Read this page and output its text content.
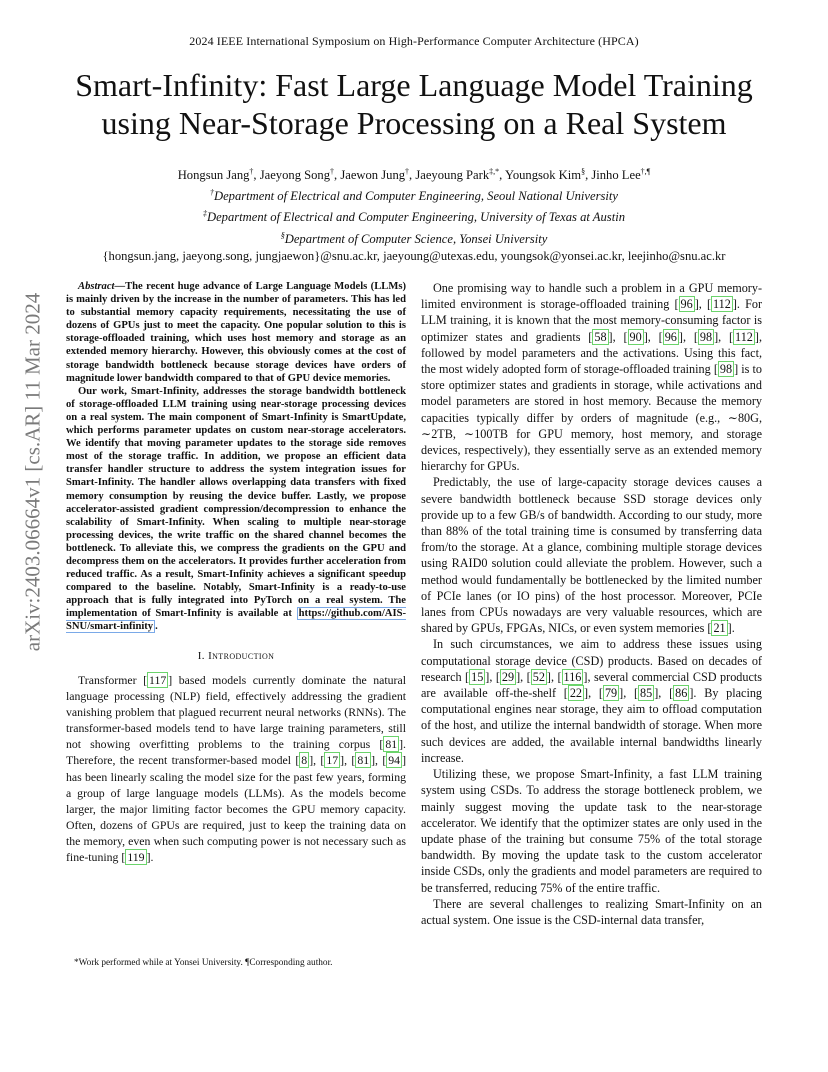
2024 IEEE International Symposium on High-Performance Computer Architecture (HPCA)
Smart-Infinity: Fast Large Language Model Training
using Near-Storage Processing on a Real System
Hongsun Jang†, Jaeyong Song†, Jaewon Jung†, Jaeyoung Park‡,*, Youngsok Kim§, Jinho Lee†,¶
†Department of Electrical and Computer Engineering, Seoul National University
‡Department of Electrical and Computer Engineering, University of Texas at Austin
§Department of Computer Science, Yonsei University
{hongsun.jang, jaeyong.song, jungjaewon}@snu.ac.kr, jaeyoung@utexas.edu, youngsok@yonsei.ac.kr, leejinho@snu.ac.kr
arXiv:2403.06664v1 [cs.AR] 11 Mar 2024

Abstract—The recent huge advance of Large Language Models (LLMs) is mainly driven by the increase in the number of parameters. This has led to substantial memory capacity requirements, necessitating the use of dozens of GPUs just to meet the capacity. One popular solution to this is storage-offloaded training, which uses host memory and storage as an extended memory hierarchy. However, this obviously comes at the cost of storage bandwidth bottleneck because storage devices have orders of magnitude lower bandwidth compared to that of GPU device memories.

Our work, Smart-Infinity, addresses the storage bandwidth bottleneck of storage-offloaded LLM training using near-storage processing devices on a real system. The main component of Smart-Infinity is SmartUpdate, which performs parameter updates on custom near-storage accelerators. We identify that moving parameter updates to the storage side removes most of the storage traffic. In addition, we propose an efficient data transfer handler structure to address the system integration issues for Smart-Infinity. The handler allows overlapping data transfers with fixed memory consumption by reusing the device buffer. Lastly, we propose accelerator-assisted gradient compression/decompression to enhance the scalability of Smart-Infinity. When scaling to multiple near-storage processing devices, the write traffic on the shared channel becomes the bottleneck. To alleviate this, we compress the gradients on the GPU and decompress them on the accelerators. It provides further acceleration from reduced traffic. As a result, Smart-Infinity achieves a significant speedup compared to the baseline. Notably, Smart-Infinity is a ready-to-use approach that is fully integrated into PyTorch on a real system. The implementation of Smart-Infinity is available at https://github.com/AIS-SNU/smart-infinity .

I. Introduction

Transformer [ 117 ] based models currently dominate the natural language processing (NLP) field, effectively addressing the gradient vanishing problem that plagued recurrent neural networks (RNNs). The transformer-based models tend to have large training parameters, still not showing overfitting problems to the training corpus [ 81 ]. Therefore, the recent transformer-based model [ 8 ], [ 17 ], [ 81 ], [ 94 ] has been linearly scaling the model size for the past few years, forming a group of large language models (LLMs). As the models become larger, the major limiting factor becomes the GPU memory capacity. Often, dozens of GPUs are required, just to keep the training data on the memory, even when such computing power is not necessary such as fine-tuning [ 119 ].

*Work performed while at Yonsei University. ¶Corresponding author.

One promising way to handle such a problem in a GPU memory-limited environment is storage-offloaded training [ 96 ], [ 112 ]. For LLM training, it is known that the most memory-consuming factor is optimizer states and gradients [ 58 ], [ 90 ], [ 96 ], [ 98 ], [ 112 ], followed by model parameters and the activations. Using this fact, the most widely adopted form of storage-offloaded training [ 98 ] is to store optimizer states and gradients in storage, while activations and model parameters are stored in host memory. Because the memory capacities typically differ by orders of magnitude (e.g., ∼80G, ∼2TB, ∼100TB for GPU memory, host memory, and storage devices, respectively), they essentially serve as an extended memory hierarchy for GPUs.

Predictably, the use of large-capacity storage devices causes a severe bandwidth bottleneck because SSD storage devices only provide up to a few GB/s of bandwidth. According to our study, more than 88% of the total training time is consumed by transferring data from/to the storage. At a glance, combining multiple storage devices using RAID0 solution could alleviate the problem. However, such a method would fundamentally be bottlenecked by the limited number of PCIe lanes (or IO pins) of the host processor. Moreover, PCIe lanes from CPUs nowadays are very valuable resources, which are shared by GPUs, FPGAs, NICs, or even system memories [ 21 ].

In such circumstances, we aim to address these issues using computational storage device (CSD) products. Based on decades of research [ 15 ], [ 29 ], [ 52 ], [ 116 ], several commercial CSD products are available off-the-shelf [ 22 ], [ 79 ], [ 85 ], [ 86 ]. By placing computational engines near storage, they aim to offload computation of the host, and utilize the internal bandwidth of storage. When more such devices are added, the available internal bandwidths linearly increase.

Utilizing these, we propose Smart-Infinity, a fast LLM training system using CSDs. To address the storage bottleneck problem, we mainly suggest moving the update task to the near-storage accelerator. We identify that the optimizer states are only used in the update phase of the training but consume 75% of the total storage bandwidth. By moving the update task to the custom accelerator inside CSDs, only the gradients and model parameters are required to be transferred, reducing 75% of the entire traffic.

There are several challenges to realizing Smart-Infinity on an actual system. One issue is the CSD-internal data transfer,
